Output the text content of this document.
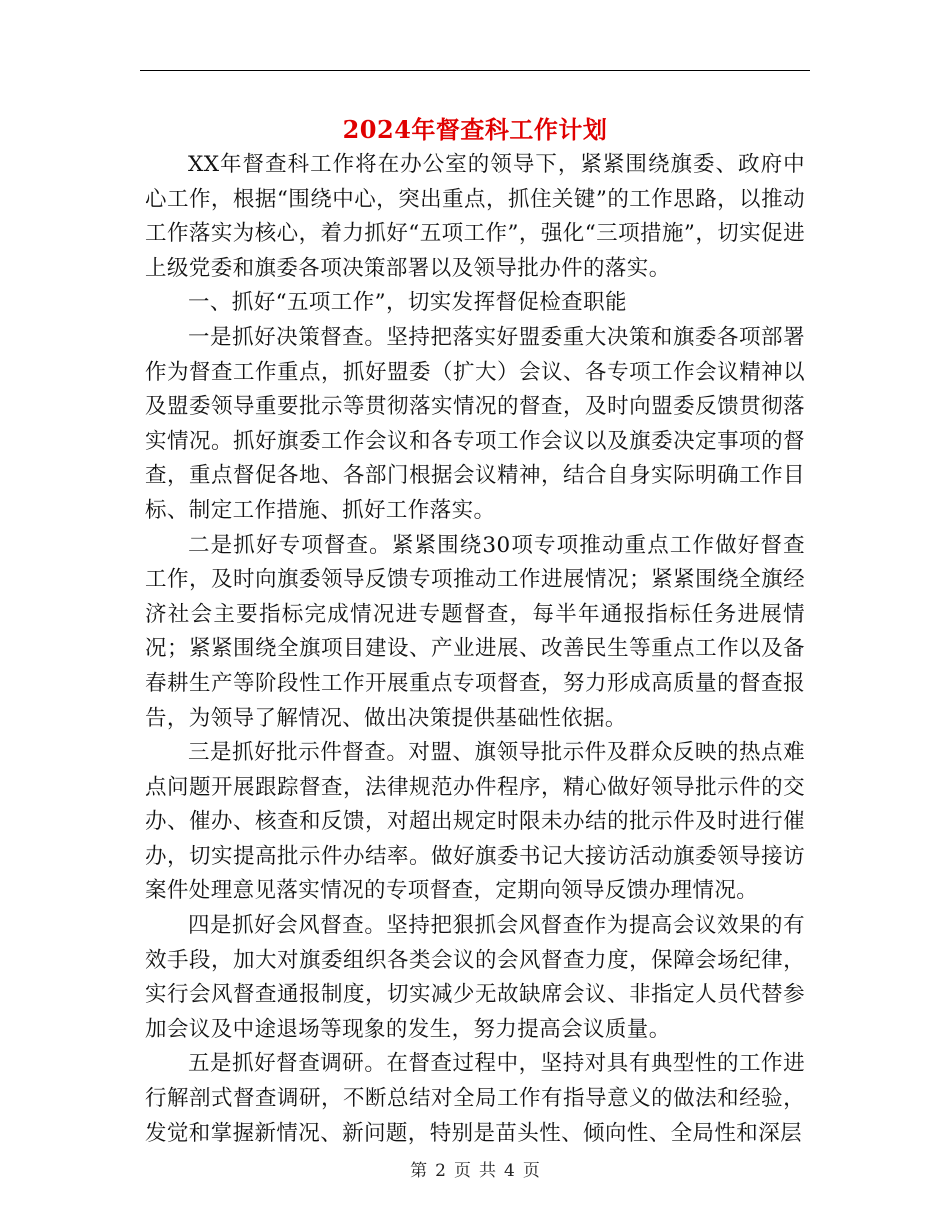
2024年督查科工作计划

XX年督查科工作将在办公室的领导下，紧紧围绕旗委、政府中心工作，根据“围绕中心，突出重点，抓住关键”的工作思路，以推动工作落实为核心，着力抓好“五项工作”，强化“三项措施”，切实促进上级党委和旗委各项决策部署以及领导批办件的落实。

一、抓好“五项工作”，切实发挥督促检查职能

一是抓好决策督查。坚持把落实好盟委重大决策和旗委各项部署作为督查工作重点，抓好盟委（扩大）会议、各专项工作会议精神以及盟委领导重要批示等贯彻落实情况的督查，及时向盟委反馈贯彻落实情况。抓好旗委工作会议和各专项工作会议以及旗委决定事项的督查，重点督促各地、各部门根据会议精神，结合自身实际明确工作目标、制定工作措施、抓好工作落实。

二是抓好专项督查。紧紧围绕30项专项推动重点工作做好督查工作，及时向旗委领导反馈专项推动工作进展情况；紧紧围绕全旗经济社会主要指标完成情况进专题督查，每半年通报指标任务进展情况；紧紧围绕全旗项目建设、产业进展、改善民生等重点工作以及备春耕生产等阶段性工作开展重点专项督查，努力形成高质量的督查报告，为领导了解情况、做出决策提供基础性依据。

三是抓好批示件督查。对盟、旗领导批示件及群众反映的热点难点问题开展跟踪督查，法律规范办件程序，精心做好领导批示件的交办、催办、核查和反馈，对超出规定时限未办结的批示件及时进行催办，切实提高批示件办结率。做好旗委书记大接访活动旗委领导接访案件处理意见落实情况的专项督查，定期向领导反馈办理情况。

四是抓好会风督查。坚持把狠抓会风督查作为提高会议效果的有效手段，加大对旗委组织各类会议的会风督查力度，保障会场纪律，实行会风督查通报制度，切实减少无故缺席会议、非指定人员代替参加会议及中途退场等现象的发生，努力提高会议质量。

五是抓好督查调研。在督查过程中，坚持对具有典型性的工作进行解剖式督查调研，不断总结对全局工作有指导意义的做法和经验，发觉和掌握新情况、新问题，特别是苗头性、倾向性、全局性和深层

第 2 页 共 4 页
